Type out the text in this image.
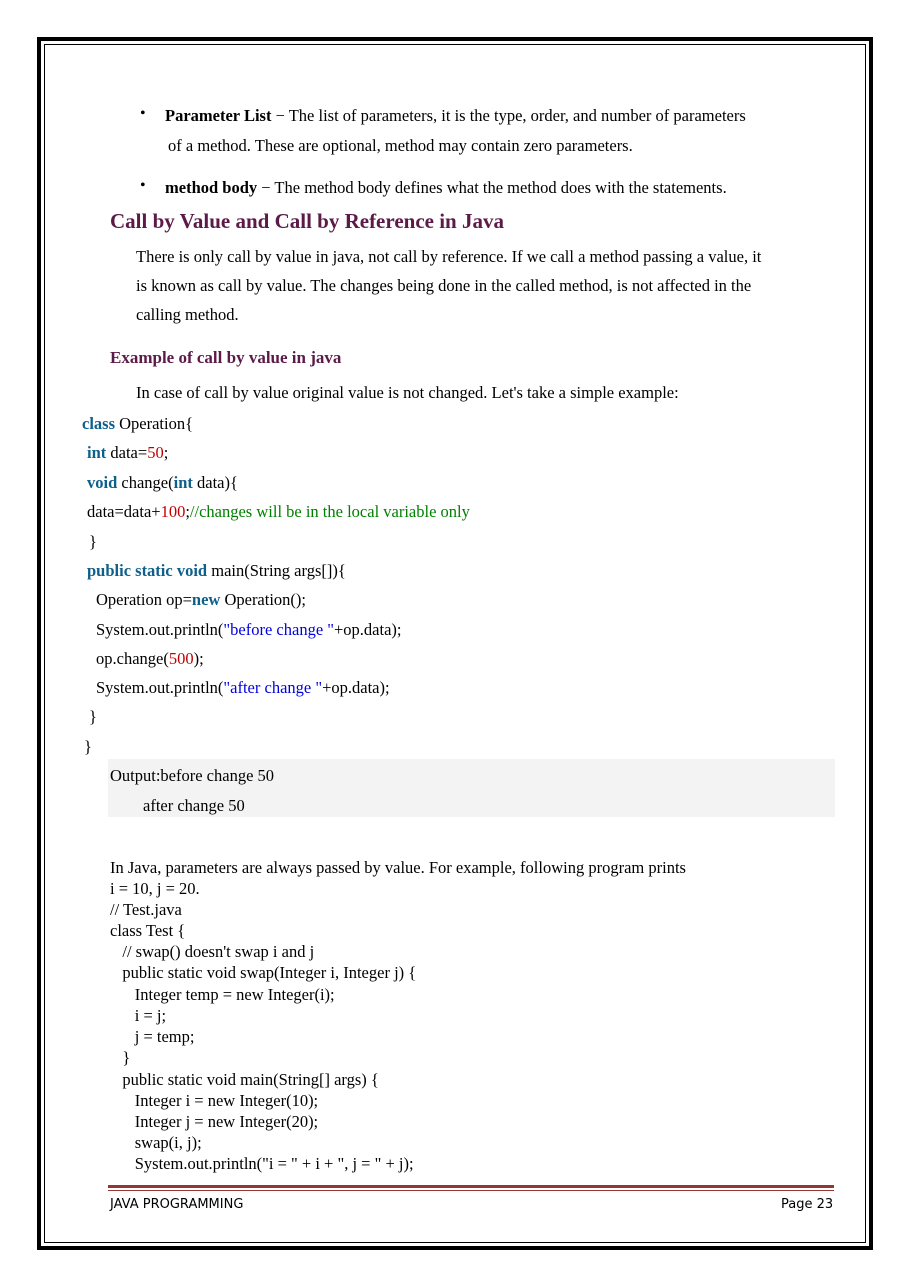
• Parameter List − The list of parameters, it is the type, order, and number of parameters
of a method. These are optional, method may contain zero parameters.
• method body − The method body defines what the method does with the statements.
Call by Value and Call by Reference in Java
There is only call by value in java, not call by reference. If we call a method passing a value, it
is known as call by value. The changes being done in the called method, is not affected in the
calling method.
Example of call by value in java
In case of call by value original value is not changed. Let's take a simple example:
class Operation{
int data=50;
void change(int data){
data=data+100;//changes will be in the local variable only
}
public static void main(String args[]){
Operation op=new Operation();
System.out.println("before change "+op.data);
op.change(500);
System.out.println("after change "+op.data);
}
}
Output:before change 50
after change 50
In Java, parameters are always passed by value. For example, following program prints
i = 10, j = 20.
// Test.java
class Test {
// swap() doesn't swap i and j
public static void swap(Integer i, Integer j) {
Integer temp = new Integer(i);
i = j;
j = temp;
}
public static void main(String[] args) {
Integer i = new Integer(10);
Integer j = new Integer(20);
swap(i, j);
System.out.println("i = " + i + ", j = " + j);
JAVA PROGRAMMING	Page 23
